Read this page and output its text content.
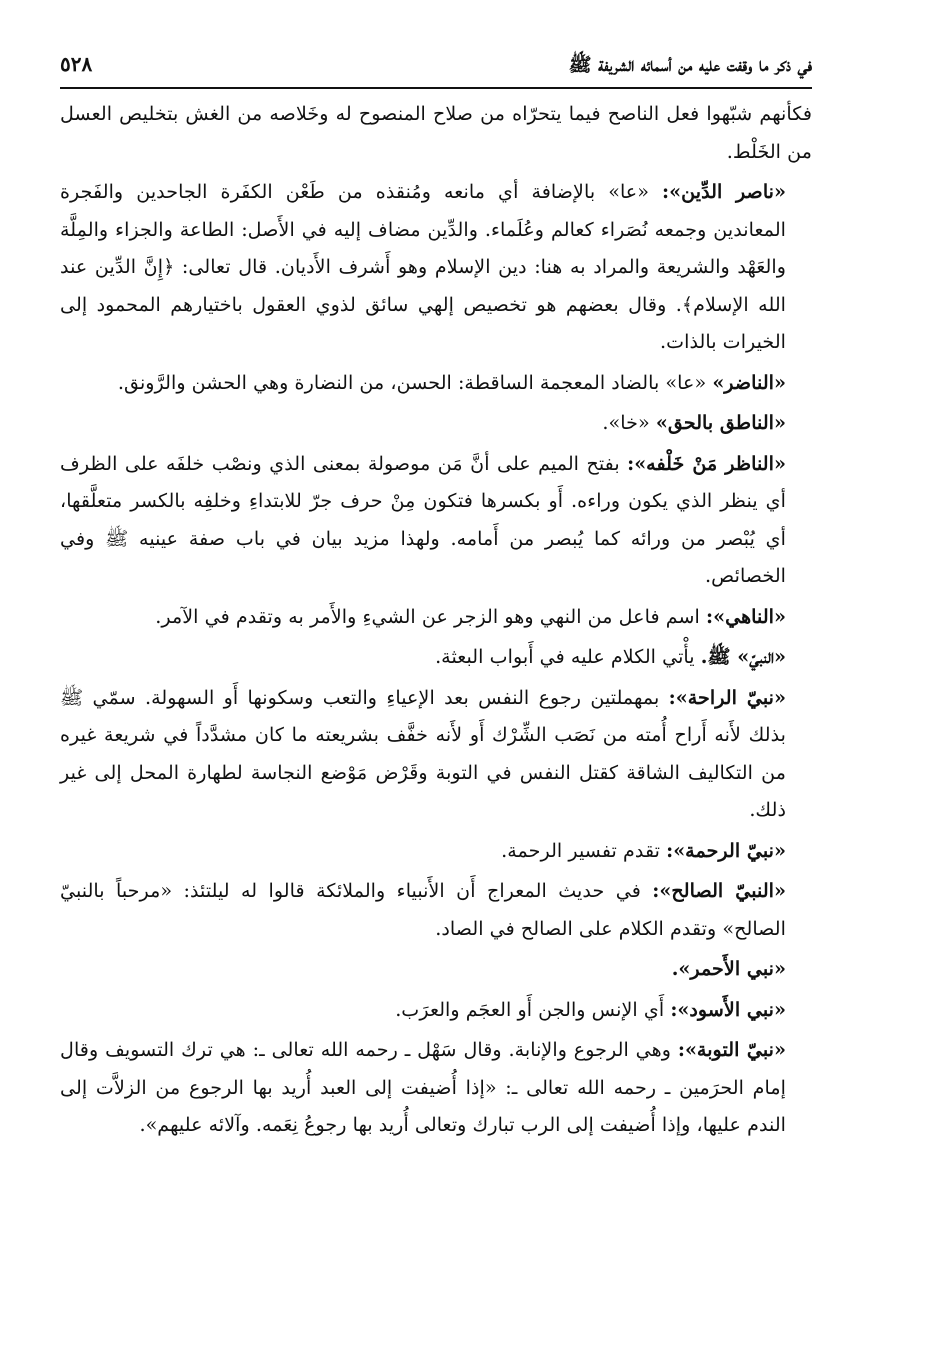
في ذكر ما وقفت عليه من أسمائه الشريفة ﷺ
٥٢٨

فكأنهم شبّهوا فعل الناصح فيما يتحرّاه من صلاح المنصوح له وخَلاصه من الغش بتخليص العسل من الخَلْط.

«ناصر الدِّين»: «عا» بالإضافة أي مانعه ومُنقذه من طَعْن الكفَرة الجاحدين والفَجرة المعاندين وجمعه نُصَراء كعالم وعُلَماء. والدِّين مضاف إليه في الأَصل: الطاعة والجزاء والمِلَّة والعَهْد والشريعة والمراد به هنا: دين الإسلام وهو أَشرف الأَديان. قال تعالى: ﴿إِنَّ الدِّين عند الله الإسلام﴾. وقال بعضهم هو تخصيص إلهي سائق لذوي العقول باختيارهم المحمود إلى الخيرات بالذات.

«الناضر» «عا» بالضاد المعجمة الساقطة: الحسن، من النضارة وهي الحشن والرَّونق.

«الناطق بالحق» «خا».

«الناظر مَنْ خَلْفه»: بفتح الميم على أنَّ مَن موصولة بمعنى الذي ونصْب خلفَه على الظرف أي ينظر الذي يكون وراءه. أَو بكسرها فتكون مِنْ حرف جرّ للابتداءِ وخلفِه بالكسر متعلَّقها، أي يُبْصر من ورائه كما يُبصر من أَمامه. ولهذا مزيد بيان في باب صفة عينيه ﷺ وفي الخصائص.

«الناهي»: اسم فاعل من النهي وهو الزجر عن الشيءِ والأَمر به وتقدم في الآمر.

«النبيّ» ﷺ. يأْتي الكلام عليه في أَبواب البعثة.

«نبيّ الراحة»: بمهملتين رجوع النفس بعد الإعياءِ والتعب وسكونها أَو السهولة. سمّي ﷺ بذلك لأَنه أَراح أُمته من نَصَب الشِّرْك أَو لأَنه خفَّف بشريعته ما كان مشدَّداً في شريعة غيره من التكاليف الشاقة كقتل النفس في التوبة وقَرْض مَوْضع النجاسة لطهارة المحل إلى غير ذلك.

«نبيّ الرحمة»: تقدم تفسير الرحمة.

«النبيّ الصالح»: في حديث المعراج أَن الأَنبياء والملائكة قالوا له ليلتئذ: «مرحباً بالنبيّ الصالح» وتقدم الكلام على الصالح في الصاد.

«نبي الأَحمر».

«نبي الأَسود»: أَي الإنس والجن أَو العجَم والعرَب.

«نبيّ التوبة»: وهي الرجوع والإنابة. وقال سَهْل ـ رحمه الله تعالى ـ: هي ترك التسويف وقال إمام الحرَمين ـ رحمه الله تعالى ـ: «إذا أُضيفت إلى العبد أُريد بها الرجوع من الزلاَّت إلى الندم عليها، وإذا أُضيفت إلى الرب تبارك وتعالى أُريد بها رجوعُ نِعَمه. وآلائه عليهم».
